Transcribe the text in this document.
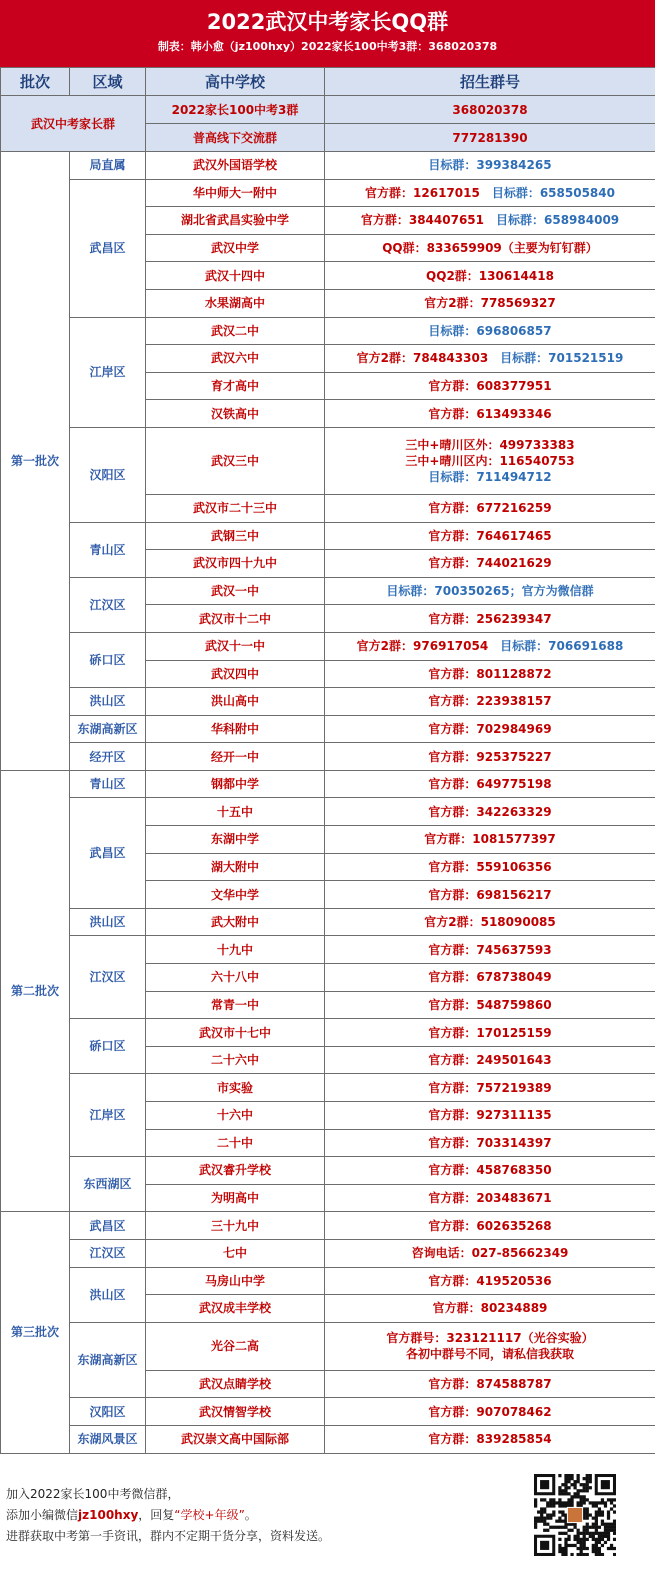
2022武汉中考家长QQ群
制表：韩小愈（jz100hxy）2022家长100中考3群：368020378
批次	区域	高中学校	招生群号
武汉中考家长群		2022家长100中考3群	368020378
		普高线下交流群	777281390
第一批次	局直属	武汉外国语学校	目标群：399384265
	武昌区	华中师大一附中	官方群：12617015 目标群：658505840
		湖北省武昌实验中学	官方群：384407651 目标群：658984009
		武汉中学	QQ群：833659909（主要为钉钉群）
		武汉十四中	QQ2群：130614418
		水果湖高中	官方2群：778569327
	江岸区	武汉二中	目标群：696806857
		武汉六中	官方2群：784843303 目标群：701521519
		育才高中	官方群：608377951
		汉铁高中	官方群：613493346
	汉阳区	武汉三中	三中+晴川区外：499733383
三中+晴川区内：116540753
目标群：711494712

		武汉市二十三中	官方群：677216259
	青山区	武钢三中	官方群：764617465
		武汉市四十九中	官方群：744021629
	江汉区	武汉一中	目标群：700350265；官方为微信群
		武汉市十二中	官方群：256239347
	硚口区	武汉十一中	官方2群：976917054 目标群：706691688
		武汉四中	官方群：801128872
	洪山区	洪山高中	官方群：223938157
	东湖高新区	华科附中	官方群：702984969
	经开区	经开一中	官方群：925375227
第二批次	青山区	钢都中学	官方群：649775198
	武昌区	十五中	官方群：342263329
		东湖中学	官方群：1081577397
		湖大附中	官方群：559106356
		文华中学	官方群：698156217
	洪山区	武大附中	官方2群：518090085
	江汉区	十九中	官方群：745637593
		六十八中	官方群：678738049
		常青一中	官方群：548759860
	硚口区	武汉市十七中	官方群：170125159
		二十六中	官方群：249501643
	江岸区	市实验	官方群：757219389
		十六中	官方群：927311135
		二十中	官方群：703314397
	东西湖区	武汉睿升学校	官方群：458768350
		为明高中	官方群：203483671
第三批次	武昌区	三十九中	官方群：602635268
	江汉区	七中	咨询电话：027-85662349
	洪山区	马房山中学	官方群：419520536
		武汉成丰学校	官方群：80234889
	东湖高新区	光谷二高	官方群号：323121117（光谷实验）
各初中群号不同，请私信我获取

		武汉点睛学校	官方群：874588787
	汉阳区	武汉情智学校	官方群：907078462
	东湖风景区	武汉崇文高中国际部	官方群：839285854
加入2022家长100中考微信群，
添加小编微信jz100hxy，回复“学校+年级”。
进群获取中考第一手资讯，群内不定期干货分享，资料发送。
